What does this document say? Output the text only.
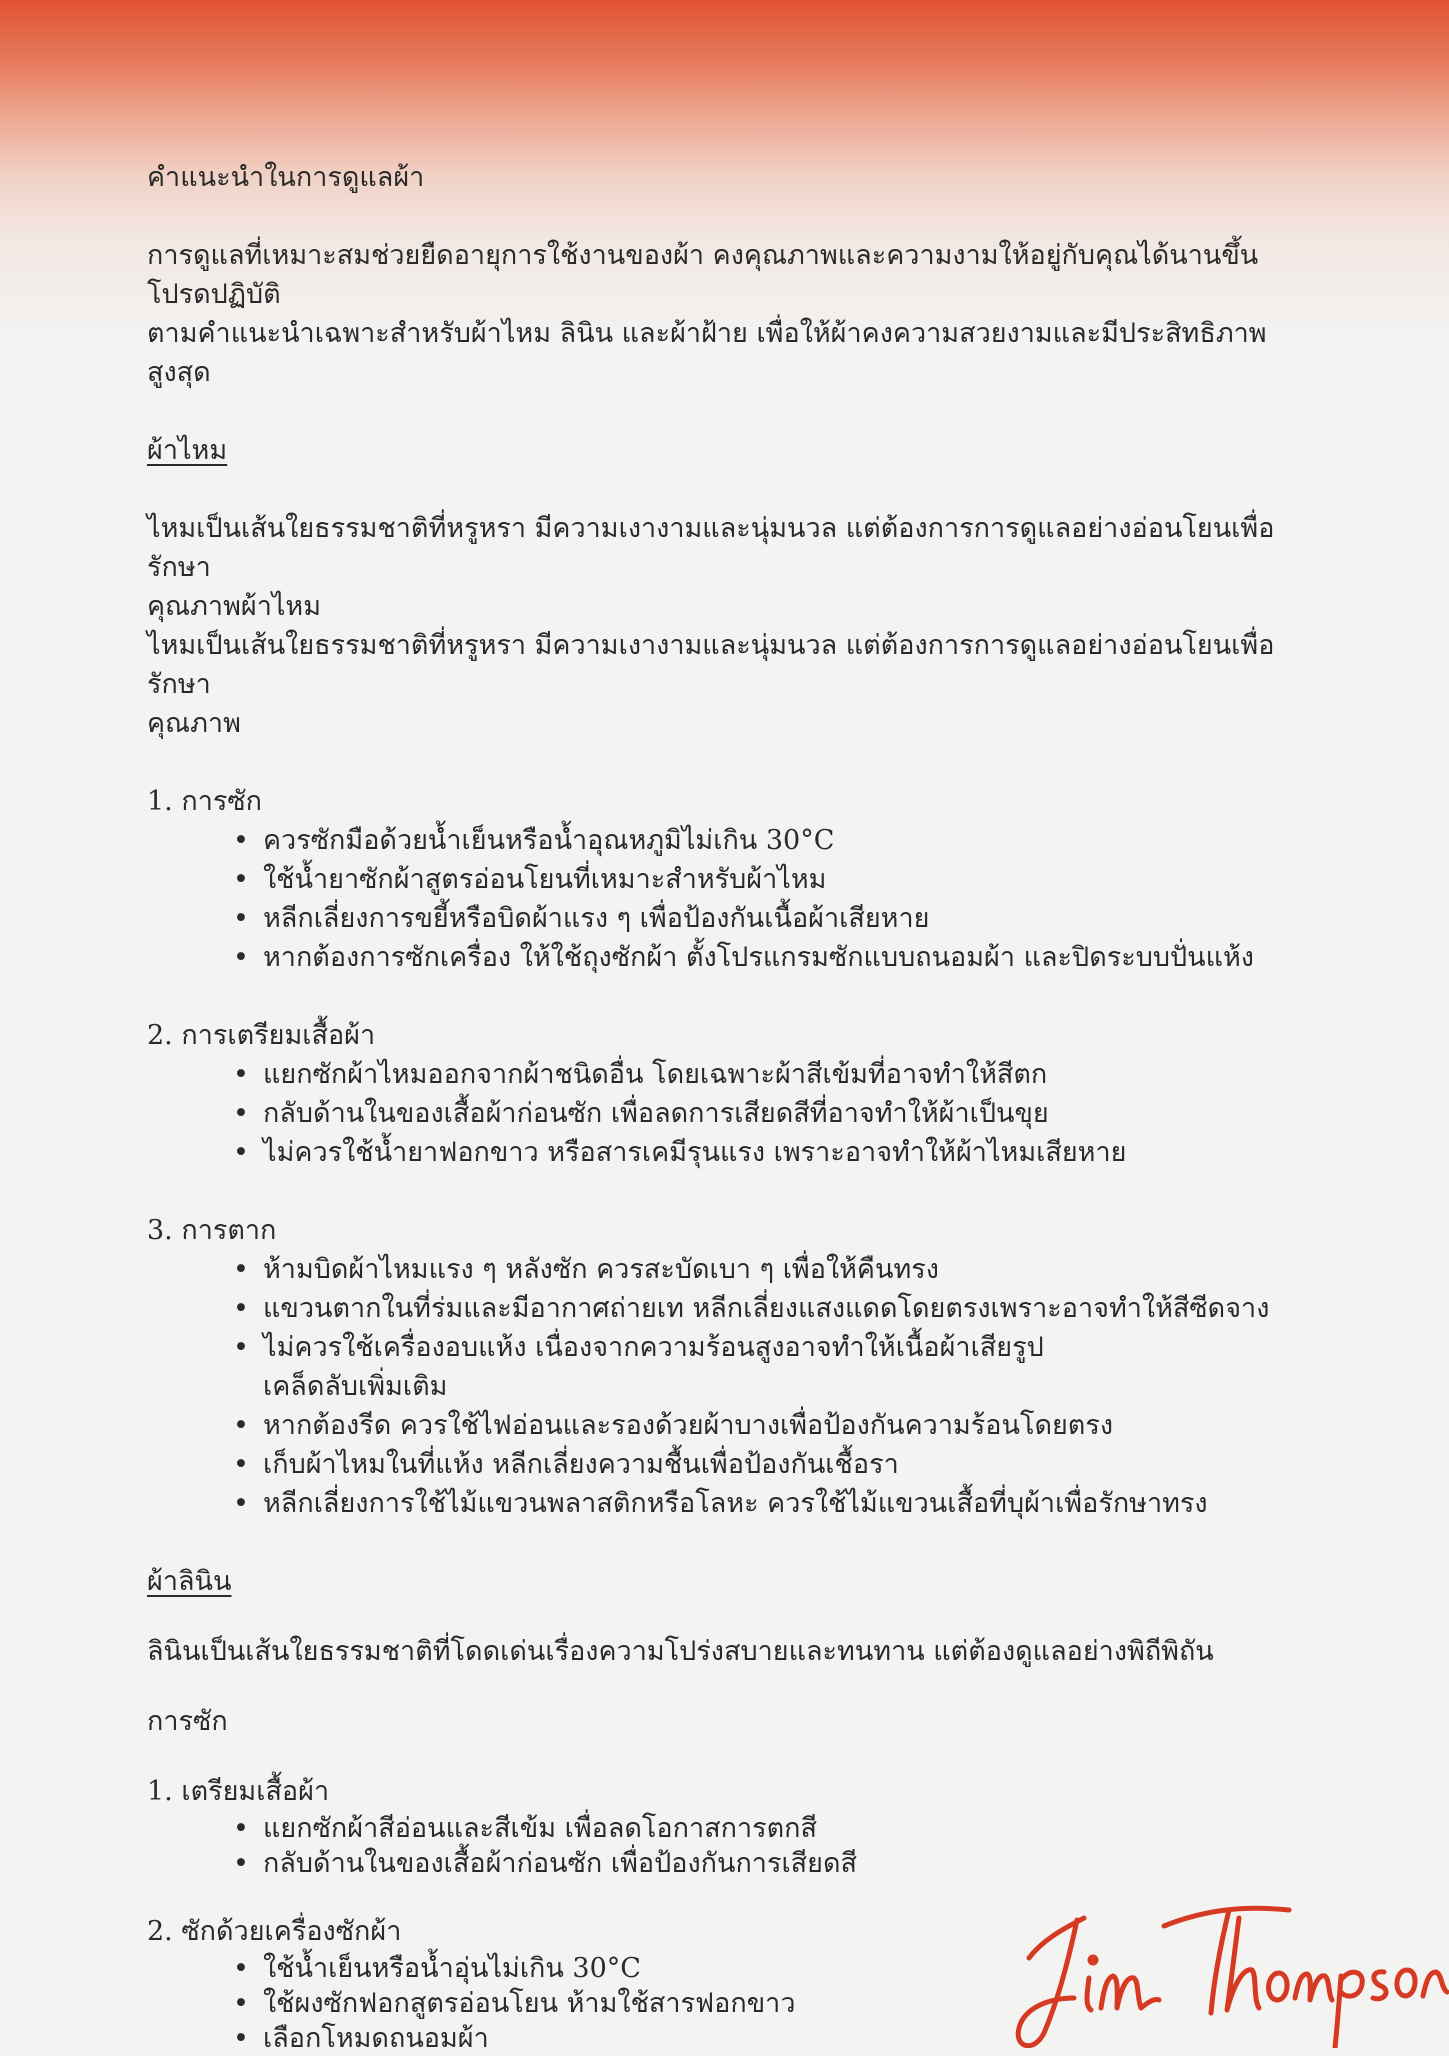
คำแนะนำในการดูแลผ้า

การดูแลที่เหมาะสมช่วยยืดอายุการใช้งานของผ้า คงคุณภาพและความงามให้อยู่กับคุณได้นานขึ้น โปรดปฏิบัติ

ตามคำแนะนำเฉพาะสำหรับผ้าไหม ลินิน และผ้าฝ้าย เพื่อให้ผ้าคงความสวยงามและมีประสิทธิภาพสูงสุด

ผ้าไหม

ไหมเป็นเส้นใยธรรมชาติที่หรูหรา มีความเงางามและนุ่มนวล แต่ต้องการการดูแลอย่างอ่อนโยนเพื่อรักษา

คุณภาพผ้าไหม

ไหมเป็นเส้นใยธรรมชาติที่หรูหรา มีความเงางามและนุ่มนวล แต่ต้องการการดูแลอย่างอ่อนโยนเพื่อรักษา

คุณภาพ

1. การซัก

• ควรซักมือด้วยน้ำเย็นหรือน้ำอุณหภูมิไม่เกิน 30°C
• ใช้น้ำยาซักผ้าสูตรอ่อนโยนที่เหมาะสำหรับผ้าไหม
• หลีกเลี่ยงการขยี้หรือบิดผ้าแรง ๆ เพื่อป้องกันเนื้อผ้าเสียหาย
• หากต้องการซักเครื่อง ให้ใช้ถุงซักผ้า ตั้งโปรแกรมซักแบบถนอมผ้า และปิดระบบปั่นแห้ง

2. การเตรียมเสื้อผ้า

• แยกซักผ้าไหมออกจากผ้าชนิดอื่น โดยเฉพาะผ้าสีเข้มที่อาจทำให้สีตก
• กลับด้านในของเสื้อผ้าก่อนซัก เพื่อลดการเสียดสีที่อาจทำให้ผ้าเป็นขุย
• ไม่ควรใช้น้ำยาฟอกขาว หรือสารเคมีรุนแรง เพราะอาจทำให้ผ้าไหมเสียหาย

3. การตาก

• ห้ามบิดผ้าไหมแรง ๆ หลังซัก ควรสะบัดเบา ๆ เพื่อให้คืนทรง
• แขวนตากในที่ร่มและมีอากาศถ่ายเท หลีกเลี่ยงแสงแดดโดยตรงเพราะอาจทำให้สีซีดจาง
• ไม่ควรใช้เครื่องอบแห้ง เนื่องจากความร้อนสูงอาจทำให้เนื้อผ้าเสียรูป
เคล็ดลับเพิ่มเติม
• หากต้องรีด ควรใช้ไฟอ่อนและรองด้วยผ้าบางเพื่อป้องกันความร้อนโดยตรง
• เก็บผ้าไหมในที่แห้ง หลีกเลี่ยงความชื้นเพื่อป้องกันเชื้อรา
• หลีกเลี่ยงการใช้ไม้แขวนพลาสติกหรือโลหะ ควรใช้ไม้แขวนเสื้อที่บุผ้าเพื่อรักษาทรง

ผ้าลินิน

ลินินเป็นเส้นใยธรรมชาติที่โดดเด่นเรื่องความโปร่งสบายและทนทาน แต่ต้องดูแลอย่างพิถีพิถัน

การซัก

1. เตรียมเสื้อผ้า

• แยกซักผ้าสีอ่อนและสีเข้ม เพื่อลดโอกาสการตกสี
• กลับด้านในของเสื้อผ้าก่อนซัก เพื่อป้องกันการเสียดสี

2. ซักด้วยเครื่องซักผ้า

• ใช้น้ำเย็นหรือน้ำอุ่นไม่เกิน 30°C
• ใช้ผงซักฟอกสูตรอ่อนโยน ห้ามใช้สารฟอกขาว
• เลือกโหมดถนอมผ้า	Jim Thompson
